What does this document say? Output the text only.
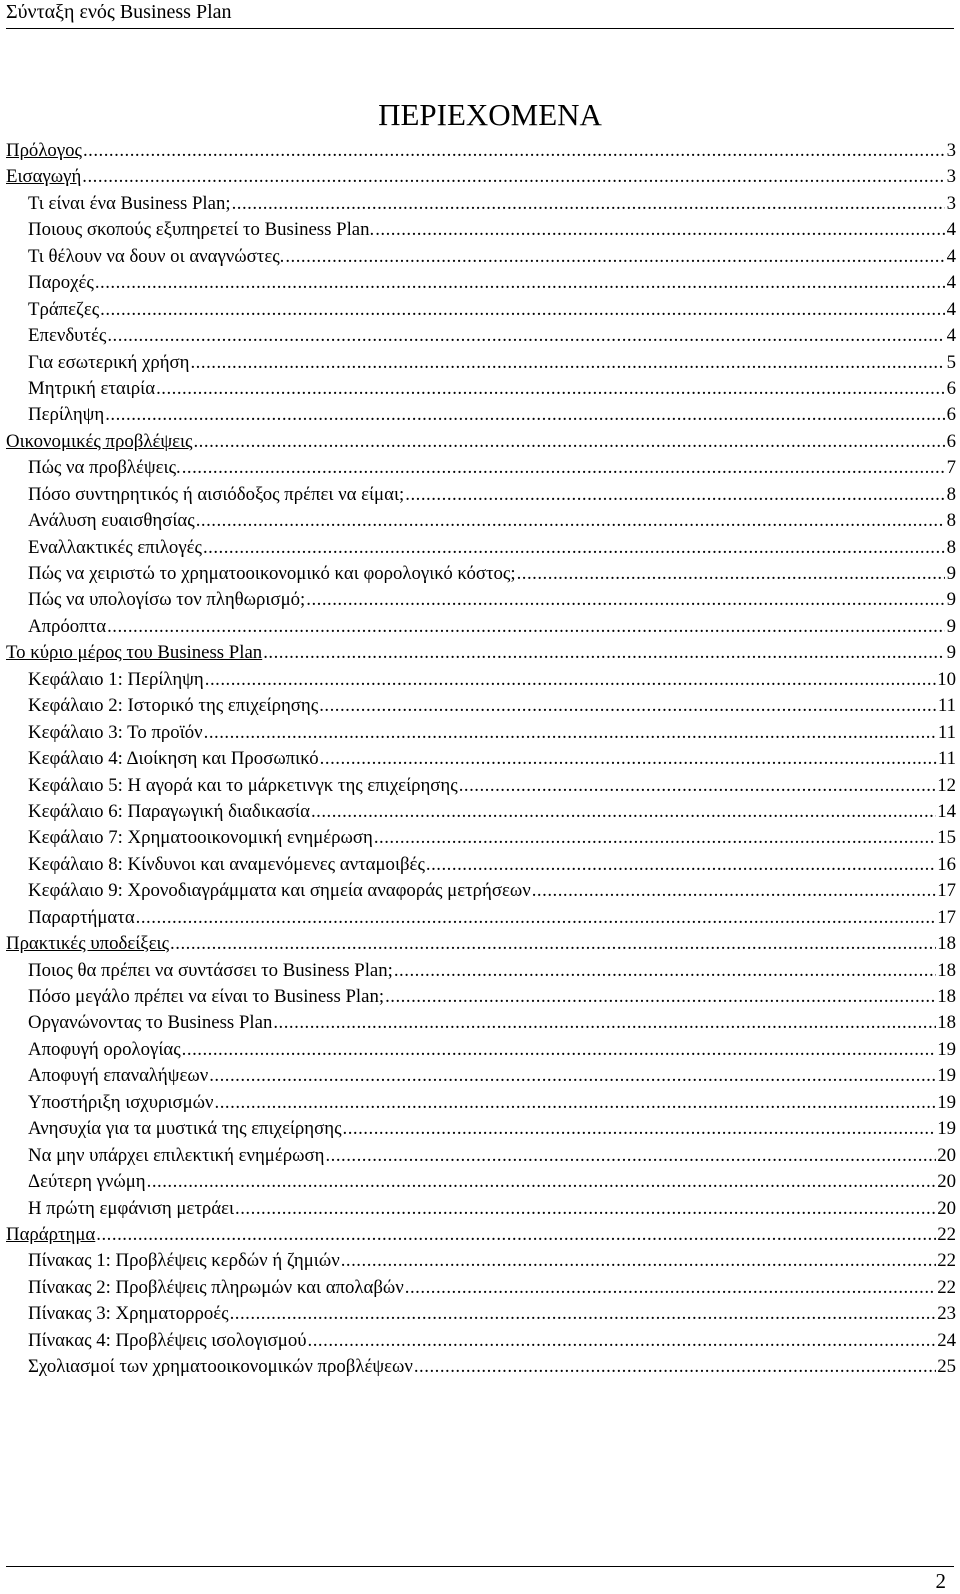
Σύνταξη ενός Business Plan
ΠΕΡΙΕΧΟΜΕΝΑ
Πρόλογος .....	3
Εισαγωγή .....	3
Τι είναι ένα Business Plan; .....	3
Ποιους σκοπούς εξυπηρετεί το Business Plan. .....	4
Τι θέλουν να δουν οι αναγνώστες. .....	4
Παροχές .....	4
Τράπεζες .....	4
Επενδυτές .....	4
Για εσωτερική χρήση .....	5
Μητρική εταιρία .....	6
Περίληψη .....	6
Οικονομικές προβλέψεις .....	6
Πώς να προβλέψεις. .....	7
Πόσο συντηρητικός ή αισιόδοξος πρέπει να είμαι; .....	8
Ανάλυση ευαισθησίας .....	8
Εναλλακτικές επιλογές .....	8
Πώς να χειριστώ το χρηματοοικονομικό και φορολογικό κόστος; .....	9
Πώς να υπολογίσω τον πληθωρισμό; .....	9
Απρόοπτα .....	9
Το κύριο μέρος του Business Plan .....	9
Κεφάλαιο 1: Περίληψη .....	10
Κεφάλαιο 2: Ιστορικό της επιχείρησης .....	11
Κεφάλαιο 3: Το προϊόν .....	11
Κεφάλαιο 4: Διοίκηση και Προσωπικό .....	11
Κεφάλαιο 5: Η αγορά και το μάρκετινγκ της επιχείρησης .....	12
Κεφάλαιο 6: Παραγωγική διαδικασία .....	14
Κεφάλαιο 7: Χρηματοοικονομική ενημέρωση .....	15
Κεφάλαιο 8: Κίνδυνοι και αναμενόμενες ανταμοιβές .....	16
Κεφάλαιο 9: Χρονοδιαγράμματα και σημεία αναφοράς μετρήσεων .....	17
Παραρτήματα .....	17
Πρακτικές υποδείξεις .....	18
Ποιος θα πρέπει να συντάσσει το Business Plan; .....	18
Πόσο μεγάλο πρέπει να είναι το Business Plan; .....	18
Οργανώνοντας το Business Plan .....	18
Αποφυγή ορολογίας .....	19
Αποφυγή επαναλήψεων .....	19
Υποστήριξη ισχυρισμών .....	19
Ανησυχία για τα μυστικά της επιχείρησης .....	19
Να μην υπάρχει επιλεκτική ενημέρωση .....	20
Δεύτερη γνώμη .....	20
Η πρώτη εμφάνιση μετράει .....	20
Παράρτημα .....	22
Πίνακας 1: Προβλέψεις κερδών ή ζημιών .....	22
Πίνακας 2: Προβλέψεις πληρωμών και απολαβών .....	22
Πίνακας 3: Χρηματορροές .....	23
Πίνακας 4: Προβλέψεις ισολογισμού .....	24
Σχολιασμοί των χρηματοοικονομικών προβλέψεων .....	25
2
